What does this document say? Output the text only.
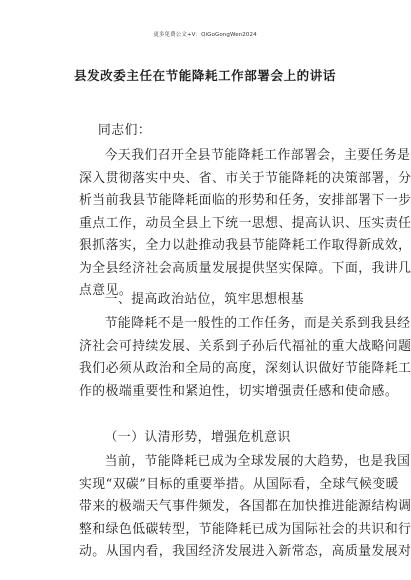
更多免费公文+V：QiGoGongWen2024
县发改委主任在节能降耗工作部署会上的讲话

同志们：

今天我们召开全县节能降耗工作部署会，主要任务是
深入贯彻落实中央、省、市关于节能降耗的决策部署，分
析当前我县节能降耗面临的形势和任务，安排部署下一步
重点工作，动员全县上下统一思想、提高认识、压实责任
狠抓落实，全力以赴推动我县节能降耗工作取得新成效，
为全县经济社会高质量发展提供坚实保障。下面，我讲几
点意见。

一、提高政治站位，筑牢思想根基

节能降耗不是一般性的工作任务，而是关系到我县经
济社会可持续发展、关系到子孙后代福祉的重大战略问题
我们必须从政治和全局的高度，深刻认识做好节能降耗工
作的极端重要性和紧迫性，切实增强责任感和使命感。

（一）认清形势，增强危机意识

当前，节能降耗已成为全球发展的大趋势，也是我国
实现“双碳”目标的重要举措。从国际看，全球气候变暖
带来的极端天气事件频发，各国都在加快推进能源结构调
整和绿色低碳转型，节能降耗已成为国际社会的共识和行
动。从国内看，我国经济发展进入新常态，高质量发展对
